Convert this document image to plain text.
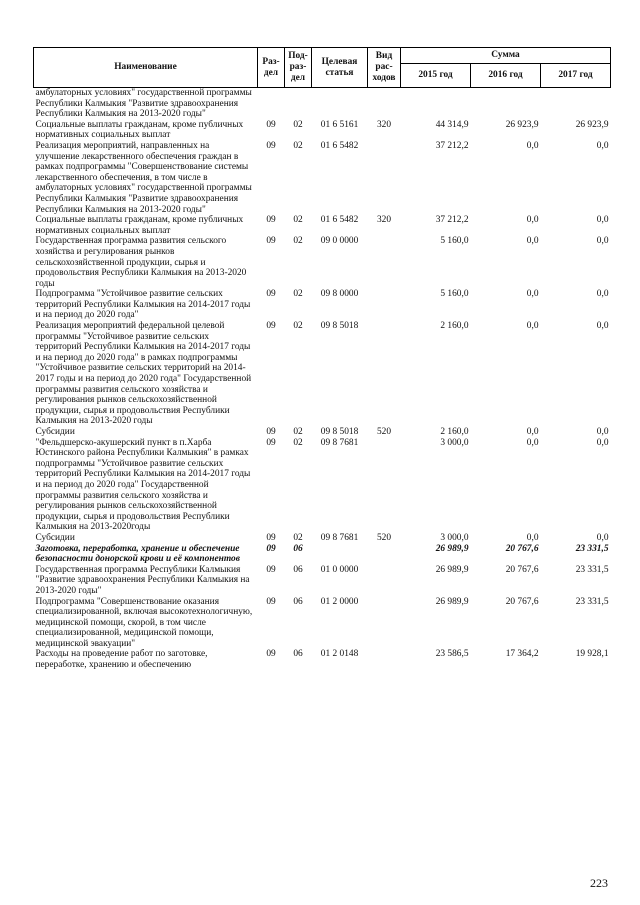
Наименование	Раз-дел	Под-раз-дел	Целевая статья	Вид рас-ходов	Сумма		
					2015 год	2016 год	2017 год
амбулаторных условиях" государственной программы Республики Калмыкия "Развитие здравоохранения Республики Калмыкия на 2013-2020 годы"							
Социальные выплаты гражданам, кроме публичных нормативных социальных выплат	09	02	01 6 5161	320	44 314,9	26 923,9	26 923,9
Реализация мероприятий, направленных на улучшение лекарственного обеспечения граждан в рамках подпрограммы "Совершенствование системы лекарственного обеспечения, в том числе в амбулаторных условиях" государственной программы Республики Калмыкия "Развитие здравоохранения Республики Калмыкия на 2013-2020 годы"	09	02	01 6 5482		37 212,2	0,0	0,0
Социальные выплаты гражданам, кроме публичных нормативных социальных выплат	09	02	01 6 5482	320	37 212,2	0,0	0,0
Государственная программа развития сельского хозяйства и регулирования рынков сельскохозяйственной продукции, сырья и продовольствия Республики Калмыкия на 2013-2020 годы	09	02	09 0 0000		5 160,0	0,0	0,0
Подпрограмма "Устойчивое развитие сельских территорий Республики Калмыкия на 2014-2017 годы и на период до 2020 года"	09	02	09 8 0000		5 160,0	0,0	0,0
Реализация мероприятий федеральной целевой программы "Устойчивое развитие сельских территорий Республики Калмыкия на 2014-2017 годы и на период до 2020 года" в рамках подпрограммы "Устойчивое развитие сельских территорий на 2014-2017 годы и на период до 2020 года" Государственной программы развития сельского хозяйства и регулирования рынков сельскохозяйственной продукции, сырья и продовольствия Республики Калмыкия на 2013-2020 годы	09	02	09 8 5018		2 160,0	0,0	0,0
Субсидии	09	02	09 8 5018	520	2 160,0	0,0	0,0
"Фельдшерско-акушерский пункт в п.Харба Юстинского района Республики Калмыкия" в рамках подпрограммы "Устойчивое развитие сельских территорий Республики Калмыкия на 2014-2017 годы и на период до 2020 года" Государственной программы развития сельского хозяйства и регулирования рынков сельскохозяйственной продукции, сырья и продовольствия Республики Калмыкия на 2013-2020годы	09	02	09 8 7681		3 000,0	0,0	0,0
Субсидии	09	02	09 8 7681	520	3 000,0	0,0	0,0
Заготовка, переработка, хранение и обеспечение безопасности донорской крови и её компонентов	09	06			26 989,9	20 767,6	23 331,5
Государственная программа Республики Калмыкия "Развитие здравоохранения Республики Калмыкия на 2013-2020 годы"	09	06	01 0 0000		26 989,9	20 767,6	23 331,5
Подпрограмма "Совершенствование оказания специализированной, включая высокотехнологичную, медицинской помощи, скорой, в том числе специализированной, медицинской помощи, медицинской эвакуации"	09	06	01 2 0000		26 989,9	20 767,6	23 331,5
Расходы на проведение работ по заготовке, переработке, хранению и обеспечению	09	06	01 2 0148		23 586,5	17 364,2	19 928,1
223
